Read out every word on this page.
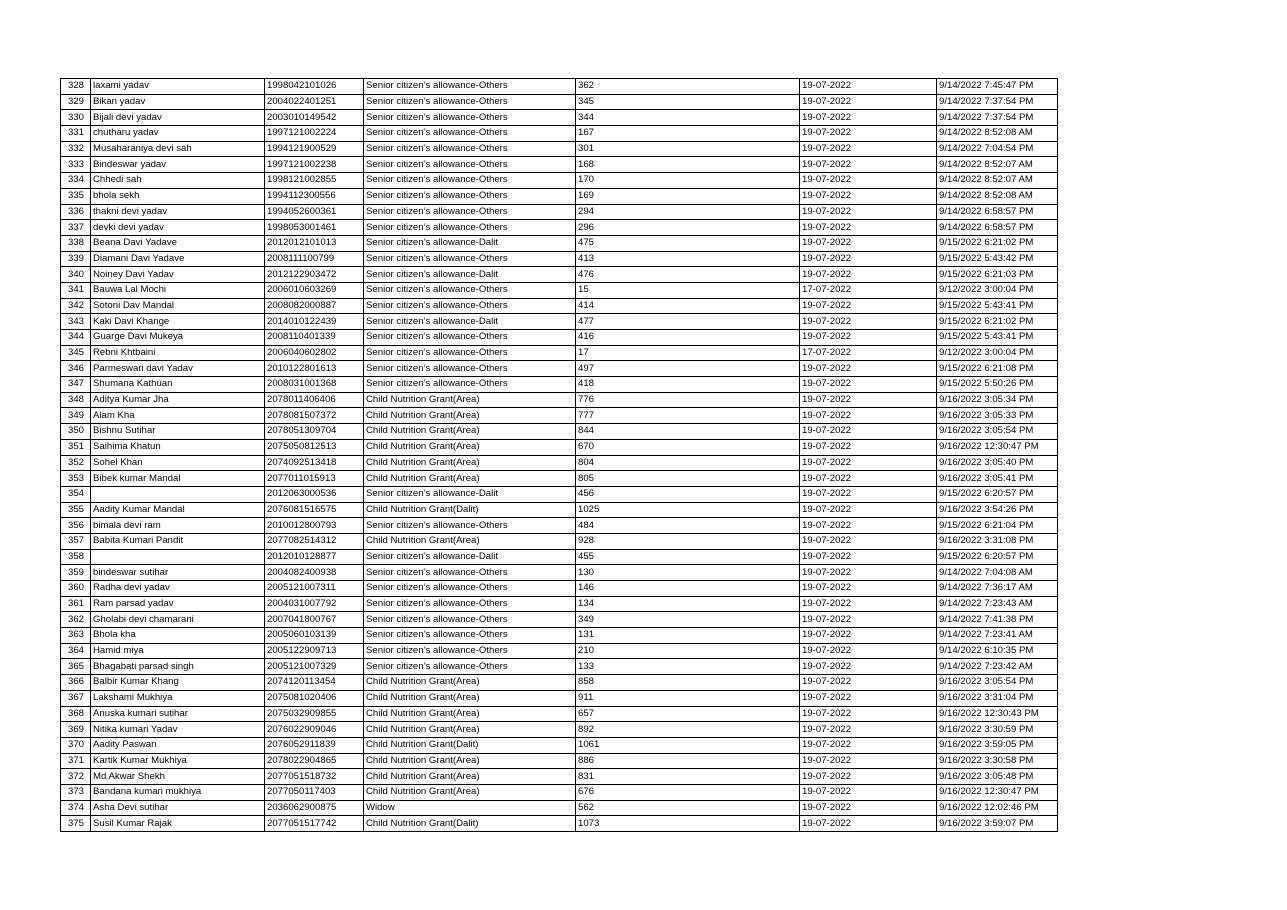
328	laxami yadav	1998042101026	Senior citizen’s allowance-Others	362	19-07-2022	9/14/2022 7:45:47 PM
329	Bikan yadav	2004022401251	Senior citizen’s allowance-Others	345	19-07-2022	9/14/2022 7:37:54 PM
330	Bijali devi yadav	2003010149542	Senior citizen’s allowance-Others	344	19-07-2022	9/14/2022 7:37:54 PM
331	chutharu yadav	1997121002224	Senior citizen’s allowance-Others	167	19-07-2022	9/14/2022 8:52:08 AM
332	Musaharaniya devi sah	1994121900529	Senior citizen’s allowance-Others	301	19-07-2022	9/14/2022 7:04:54 PM
333	Bindeswar yadav	1997121002238	Senior citizen’s allowance-Others	168	19-07-2022	9/14/2022 8:52:07 AM
334	Chhedi sah	1998121002855	Senior citizen’s allowance-Others	170	19-07-2022	9/14/2022 8:52:07 AM
335	bhola sekh	1994112300556	Senior citizen’s allowance-Others	169	19-07-2022	9/14/2022 8:52:08 AM
336	thakni devi yadav	1994052600361	Senior citizen’s allowance-Others	294	19-07-2022	9/14/2022 6:58:57 PM
337	devki devi yadav	1998053001461	Senior citizen’s allowance-Others	296	19-07-2022	9/14/2022 6:58:57 PM
338	Beana Davi Yadave	2012012101013	Senior citizen’s allowance-Dalit	475	19-07-2022	9/15/2022 6:21:02 PM
339	Diamani Davi Yadave	2008111100799	Senior citizen’s allowance-Others	413	19-07-2022	9/15/2022 5:43:42 PM
340	Noiney Davi Yadav	2012122903472	Senior citizen’s allowance-Dalit	476	19-07-2022	9/15/2022 6:21:03 PM
341	Bauwa Lal Mochi	2006010603269	Senior citizen’s allowance-Others	15	17-07-2022	9/12/2022 3:00:04 PM
342	Sotoni Dav Mandal	2008082000887	Senior citizen’s allowance-Others	414	19-07-2022	9/15/2022 5:43:41 PM
343	Kaki Davi Khange	2014010122439	Senior citizen’s allowance-Dalit	477	19-07-2022	9/15/2022 6:21:02 PM
344	Guarge Davi Mukeya	2008110401339	Senior citizen’s allowance-Others	416	19-07-2022	9/15/2022 5:43:41 PM
345	Rebni Khtbaini	2006040602802	Senior citizen’s allowance-Others	17	17-07-2022	9/12/2022 3:00:04 PM
346	Parmeswari davi Yadav	2010122801613	Senior citizen’s allowance-Others	497	19-07-2022	9/15/2022 6:21:08 PM
347	Shumana Kathuan	2008031001368	Senior citizen’s allowance-Others	418	19-07-2022	9/15/2022 5:50:26 PM
348	Aditya Kumar Jha	2078011406406	Child Nutrition Grant(Area)	776	19-07-2022	9/16/2022 3:05:34 PM
349	Alam Kha	2078081507372	Child Nutrition Grant(Area)	777	19-07-2022	9/16/2022 3:05:33 PM
350	Bishnu Sutihar	2078051309704	Child Nutrition Grant(Area)	844	19-07-2022	9/16/2022 3:05:54 PM
351	Saihima Khatun	2075050812513	Child Nutrition Grant(Area)	670	19-07-2022	9/16/2022 12:30:47 PM
352	Sohel Khan	2074092513418	Child Nutrition Grant(Area)	804	19-07-2022	9/16/2022 3:05:40 PM
353	Bibek kumar Mandal	2077011015913	Child Nutrition Grant(Area)	805	19-07-2022	9/16/2022 3:05:41 PM
354		2012063000536	Senior citizen’s allowance-Dalit	456	19-07-2022	9/15/2022 6:20:57 PM
355	Aadity Kumar Mandal	2076081516575	Child Nutrition Grant(Dalit)	1025	19-07-2022	9/16/2022 3:54:26 PM
356	bimala devi ram	2010012800793	Senior citizen’s allowance-Others	484	19-07-2022	9/15/2022 6:21:04 PM
357	Babita Kumari Pandit	2077082514312	Child Nutrition Grant(Area)	928	19-07-2022	9/16/2022 3:31:08 PM
358		2012010128877	Senior citizen’s allowance-Dalit	455	19-07-2022	9/15/2022 6:20:57 PM
359	bindeswar sutihar	2004082400938	Senior citizen’s allowance-Others	130	19-07-2022	9/14/2022 7:04:08 AM
360	Radha devi yadav	2005121007311	Senior citizen’s allowance-Others	146	19-07-2022	9/14/2022 7:36:17 AM
361	Ram parsad yadav	2004031007792	Senior citizen’s allowance-Others	134	19-07-2022	9/14/2022 7:23:43 AM
362	Gholabi devi chamarani	2007041800767	Senior citizen’s allowance-Others	349	19-07-2022	9/14/2022 7:41:38 PM
363	Bhola kha	2005060103139	Senior citizen’s allowance-Others	131	19-07-2022	9/14/2022 7:23:41 AM
364	Hamid miya	2005122909713	Senior citizen’s allowance-Others	210	19-07-2022	9/14/2022 6:10:35 PM
365	Bhagabati parsad singh	2005121007329	Senior citizen’s allowance-Others	133	19-07-2022	9/14/2022 7:23:42 AM
366	Balbir Kumar Khang	2074120113454	Child Nutrition Grant(Area)	858	19-07-2022	9/16/2022 3:05:54 PM
367	Lakshami Mukhiya	2075081020406	Child Nutrition Grant(Area)	911	19-07-2022	9/16/2022 3:31:04 PM
368	Anuska kumari sutihar	2075032909855	Child Nutrition Grant(Area)	657	19-07-2022	9/16/2022 12:30:43 PM
369	Nitika kumari Yadav	2076022909046	Child Nutrition Grant(Area)	892	19-07-2022	9/16/2022 3:30:59 PM
370	Aadity Paswan	2076052911839	Child Nutrition Grant(Dalit)	1061	19-07-2022	9/16/2022 3:59:05 PM
371	Kartik Kumar Mukhiya	2078022904865	Child Nutrition Grant(Area)	886	19-07-2022	9/16/2022 3:30:58 PM
372	Md Akwar Shekh	2077051518732	Child Nutrition Grant(Area)	831	19-07-2022	9/16/2022 3:05:48 PM
373	Bandana kumari mukhiya	2077050117403	Child Nutrition Grant(Area)	676	19-07-2022	9/16/2022 12:30:47 PM
374	Asha Devi sutihar	2036062900875	Widow	562	19-07-2022	9/16/2022 12:02:46 PM
375	Susil Kumar Rajak	2077051517742	Child Nutrition Grant(Dalit)	1073	19-07-2022	9/16/2022 3:59:07 PM
